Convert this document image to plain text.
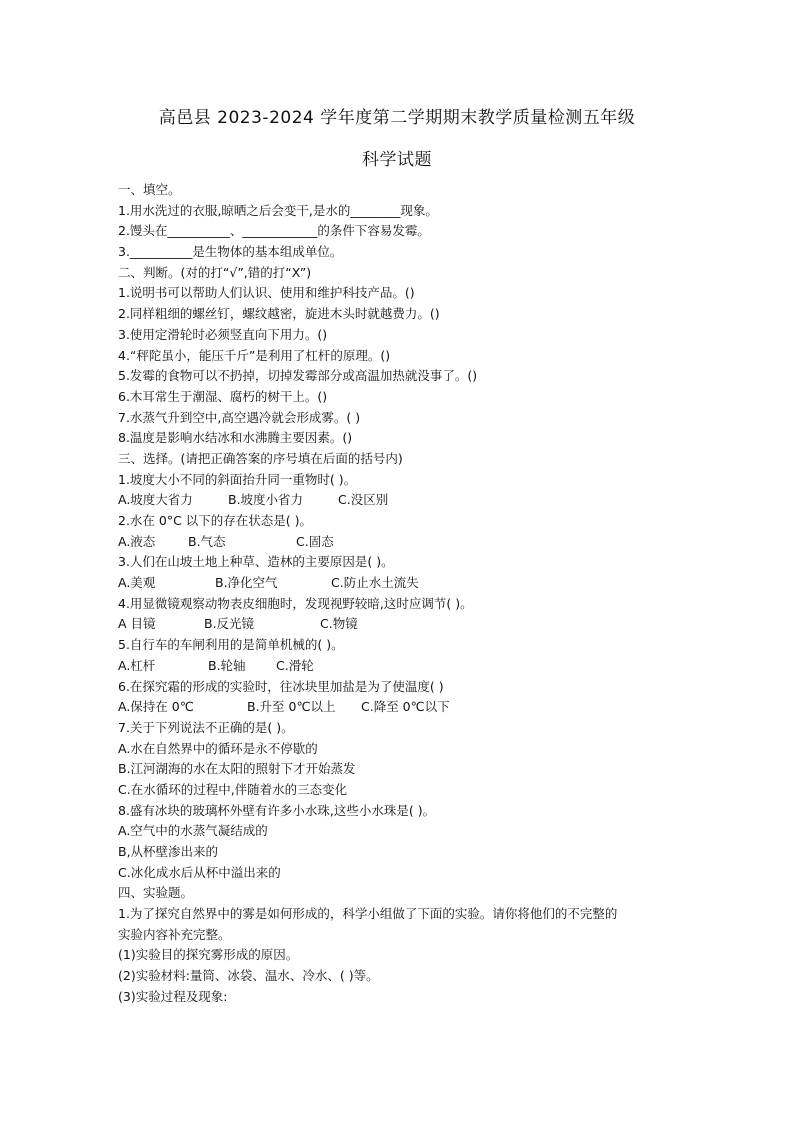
高邑县 2023-2024 学年度第二学期期末教学质量检测五年级
科学试题
一、填空。
1.用水洗过的衣服,晾晒之后会变干,是水的________现象。
2.馒头在__________、____________的条件下容易发霉。
3.__________是生物体的基本组成单位。
二、判断。(对的打“√”,错的打“X”)
1.说明书可以帮助人们认识、使用和维护科技产品。()
2.同样粗细的螺丝钉，螺纹越密，旋进木头时就越费力。()
3.使用定滑轮时必须竖直向下用力。()
4.“秤陀虽小，能压千斤”是利用了杠杆的原理。()
5.发霉的食物可以不扔掉，切掉发霉部分或高温加热就没事了。()
6.木耳常生于潮湿、腐朽的树干上。()
7.水蒸气升到空中,高空遇冷就会形成雾。( )
8.温度是影响水结冰和水沸腾主要因素。()
三、选择。(请把正确答案的序号填在后面的括号内)
1.坡度大小不同的斜面抬升同一重物时( )。
A.坡度大省力	B.坡度小省力	C.没区别
2.水在 0°C 以下的存在状态是( )。
A.液态	B.气态	C.固态
3.人们在山坡土地上种草、造林的主要原因是( )。
A.美观	B.净化空气	C.防止水土流失
4.用显微镜观察动物表皮细胞时，发现视野较暗,这时应调节( )。
A 目镜	B.反光镜	C.物镜
5.自行车的车闸利用的是简单机械的( )。
A.杠杆	B.轮轴 C.滑轮
6.在探究霜的形成的实验时，往冰块里加盐是为了使温度( )
A.保持在 0℃	B.升至 0℃以上 C.降至 0℃以下
7.关于下列说法不正确的是( )。
A.水在自然界中的循环是永不停歇的
B.江河湖海的水在太阳的照射下才开始蒸发
C.在水循环的过程中,伴随着水的三态变化
8.盛有冰块的玻璃杯外壁有许多小水珠,这些小水珠是( )。
A.空气中的水蒸气凝结成的
B,从杯壁渗出来的
C.冰化成水后从杯中溢出来的
四、实验题。
1.为了探究自然界中的雾是如何形成的，科学小组做了下面的实验。请你将他们的不完整的
实验内容补充完整。
(1)实验目的探究雾形成的原因。
(2)实验材料:量筒、冰袋、温水、冷水、( )等。
(3)实验过程及现象:
